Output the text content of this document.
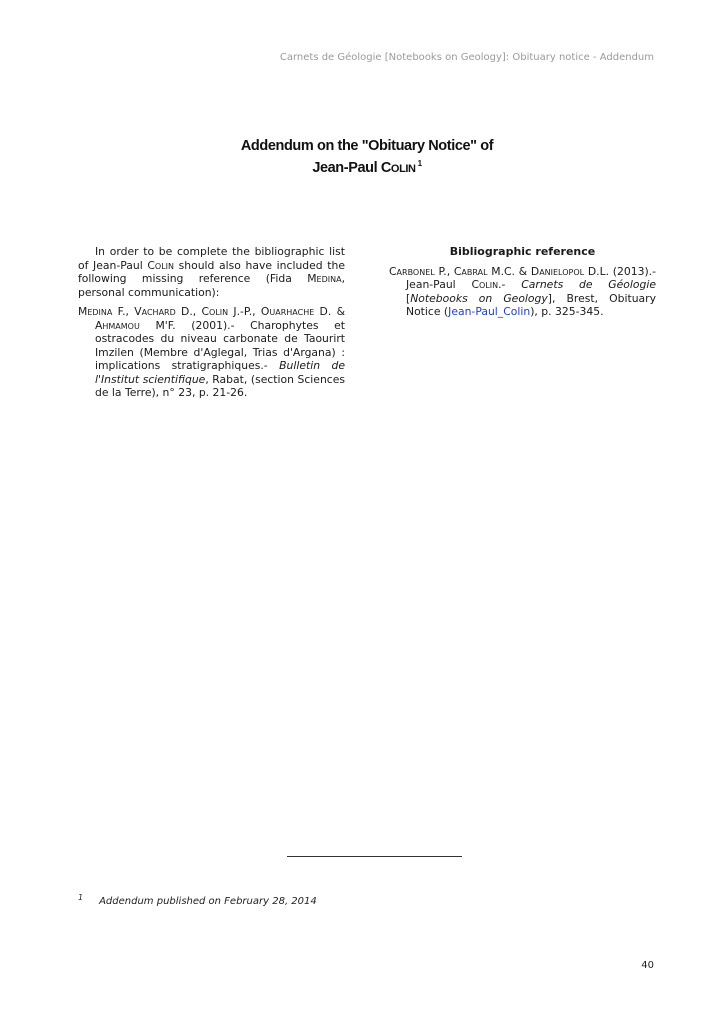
Carnets de Géologie [Notebooks on Geology]: Obituary notice - Addendum
Addendum on the "Obituary Notice" of
Jean-Paul COLIN $^1$

In order to be complete the bibliographic list of Jean-Paul Colin should also have included the following missing reference (Fida Medina, personal communication):

Medina F., Vachard D., Colin J.-P., Ouarhache D. & Ahmamou M'F. (2001).- Charophytes et ostracodes du niveau carbonate de Taourirt Imzilen (Membre d'Aglegal, Trias d'Argana) : implications stratigraphiques.- Bulletin de l'Institut scientifique, Rabat, (section Sciences de la Terre), n° 23, p. 21-26.

Bibliographic reference

Carbonel P., Cabral M.C. & Danielopol D.L. (2013).- Jean-Paul Colin.- Carnets de Géologie [Notebooks on Geology], Brest, Obituary Notice (Jean-Paul_Colin), p. 325-345.

$^1$ Addendum published on February 28, 2014
40
